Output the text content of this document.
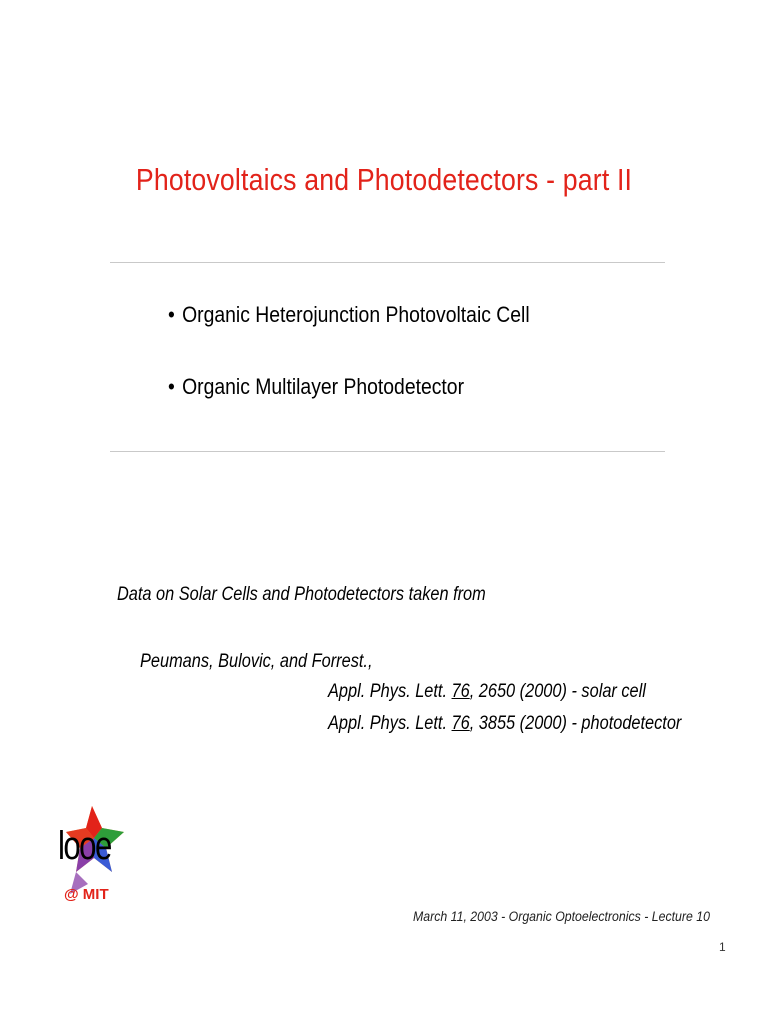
Photovoltaics and Photodetectors - part II
• Organic Heterojunction Photovoltaic Cell
• Organic Multilayer Photodetector
Data on Solar Cells and Photodetectors taken from
Peumans, Bulovic, and Forrest.,
Appl. Phys. Lett. 76, 2650 (2000) - solar cell
Appl. Phys. Lett. 76, 3855 (2000) - photodetector
looe
@ MIT
March 11, 2003 - Organic Optoelectronics - Lecture 10
1
